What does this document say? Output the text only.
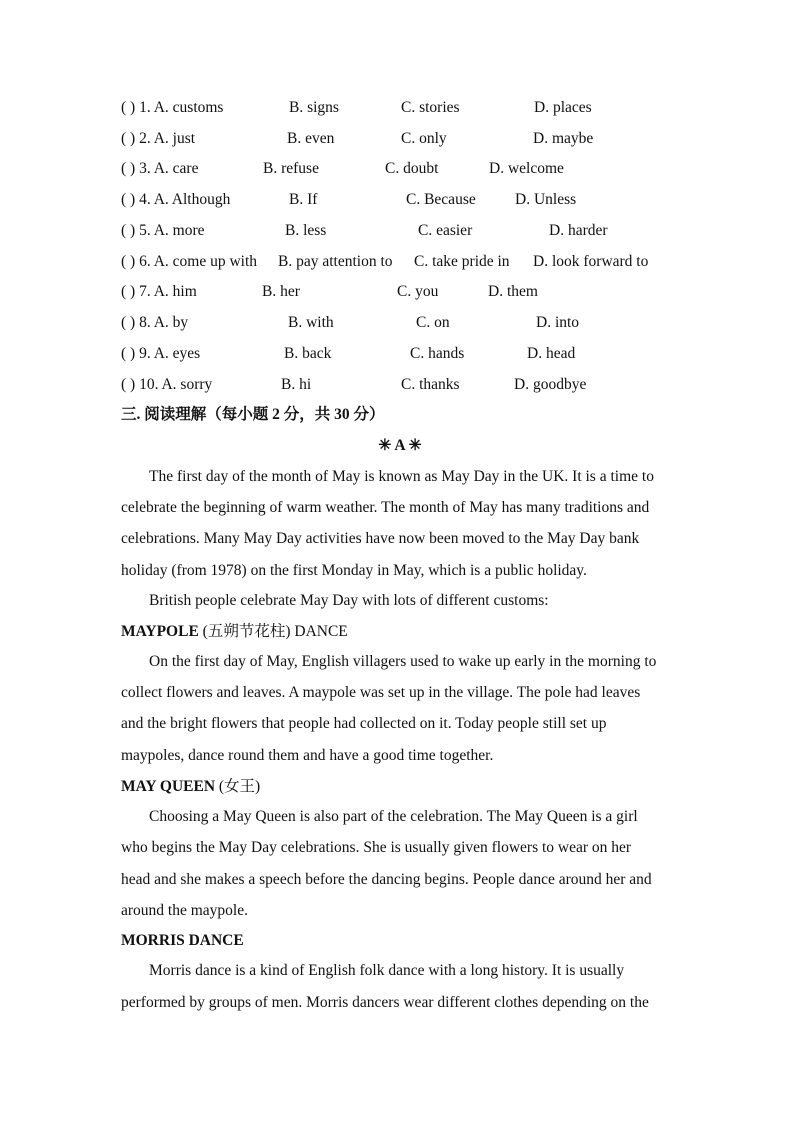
( ) 1. A. customs	B. signs	C. stories	D. places
( ) 2. A. just	B. even	C. only	D. maybe
( ) 3. A. care	B. refuse	C. doubt	D. welcome
( ) 4. A. Although	B. If	C. Because	D. Unless
( ) 5. A. more	B. less	C. easier	D. harder
( ) 6. A. come up with B. pay attention to C. take pride in D. look forward to
( ) 7. A. him	B. her	C. you	D. them
( ) 8. A. by	B. with	C. on	D. into
( ) 9. A. eyes	B. back	C. hands	D. head
( ) 10. A. sorry	B. hi	C. thanks	D. goodbye
三. 阅读理解（每小题 2 分，共 30 分）
✳ A ✳
The first day of the month of May is known as May Day in the UK. It is a time to
celebrate the beginning of warm weather. The month of May has many traditions and
celebrations. Many May Day activities have now been moved to the May Day bank
holiday (from 1978) on the first Monday in May, which is a public holiday.
British people celebrate May Day with lots of different customs:
MAYPOLE (五朔节花柱) DANCE
On the first day of May, English villagers used to wake up early in the morning to
collect flowers and leaves. A maypole was set up in the village. The pole had leaves
and the bright flowers that people had collected on it. Today people still set up
maypoles, dance round them and have a good time together.
MAY QUEEN (女王)
Choosing a May Queen is also part of the celebration. The May Queen is a girl
who begins the May Day celebrations. She is usually given flowers to wear on her
head and she makes a speech before the dancing begins. People dance around her and
around the maypole.
MORRIS DANCE
Morris dance is a kind of English folk dance with a long history. It is usually
performed by groups of men. Morris dancers wear different clothes depending on the
